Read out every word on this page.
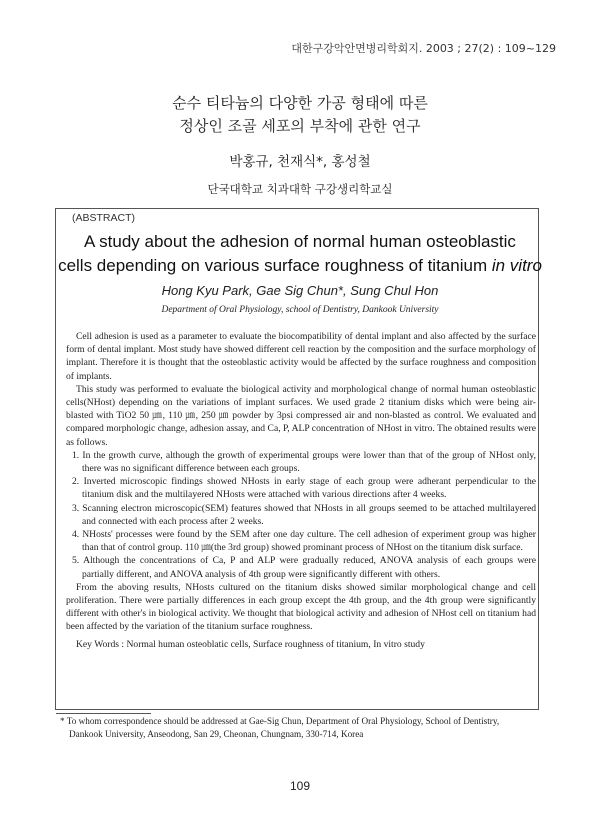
대한구강악안면병리학회지. 2003 ; 27(2) : 109~129
순수 티타늄의 다양한 가공 형태에 따른
정상인 조골 세포의 부착에 관한 연구
박홍규, 천재식*, 홍성철
단국대학교 치과대학 구강생리학교실
(ABSTRACT)
A study about the adhesion of normal human osteoblastic
cells depending on various surface roughness of titanium in vitro
Hong Kyu Park, Gae Sig Chun*, Sung Chul Hon
Department of Oral Physiology, school of Dentistry, Dankook University

Cell adhesion is used as a parameter to evaluate the biocompatibility of dental implant and also affected by the surface form of dental implant. Most study have showed different cell reaction by the composition and the surface morphology of implant. Therefore it is thought that the osteoblastic activity would be affected by the surface roughness and composition of implants.

This study was performed to evaluate the biological activity and morphological change of normal human osteoblastic cells(NHost) depending on the variations of implant surfaces. We used grade 2 titanium disks which were being air-blasted with TiO2 50 ㎛, 110 ㎛, 250 ㎛ powder by 3psi compressed air and non-blasted as control. We evaluated and compared morphologic change, adhesion assay, and Ca, P, ALP concentration of NHost in vitro. The obtained results were as follows.

1. In the growth curve, although the growth of experimental groups were lower than that of the group of NHost only, there was no significant difference between each groups.
2. Inverted microscopic findings showed NHosts in early stage of each group were adherant perpendicular to the titanium disk and the multilayered NHosts were attached with various directions after 4 weeks.
3. Scanning electron microscopic(SEM) features showed that NHosts in all groups seemed to be attached multilayered and connected with each process after 2 weeks.
4. NHosts' processes were found by the SEM after one day culture. The cell adhesion of experiment group was higher than that of control group. 110 ㎛(the 3rd group) showed prominant process of NHost on the titanium disk surface.
5. Although the concentrations of Ca, P and ALP were gradually reduced, ANOVA analysis of each groups were partially different, and ANOVA analysis of 4th group were significantly different with others.

From the aboving results, NHosts cultured on the titanium disks showed similar morphological change and cell proliferation. There were partially differences in each group except the 4th group, and the 4th group were significantly different with other's in biological activity. We thought that biological activity and adhesion of NHost cell on titanium had been affected by the variation of the titanium surface roughness.

Key Words : Normal human osteoblatic cells, Surface roughness of titanium, In vitro study

* To whom correspondence should be addressed at Gae-Sig Chun, Department of Oral Physiology, School of Dentistry,
Dankook University, Anseodong, San 29, Cheonan, Chungnam, 330-714, Korea
109
